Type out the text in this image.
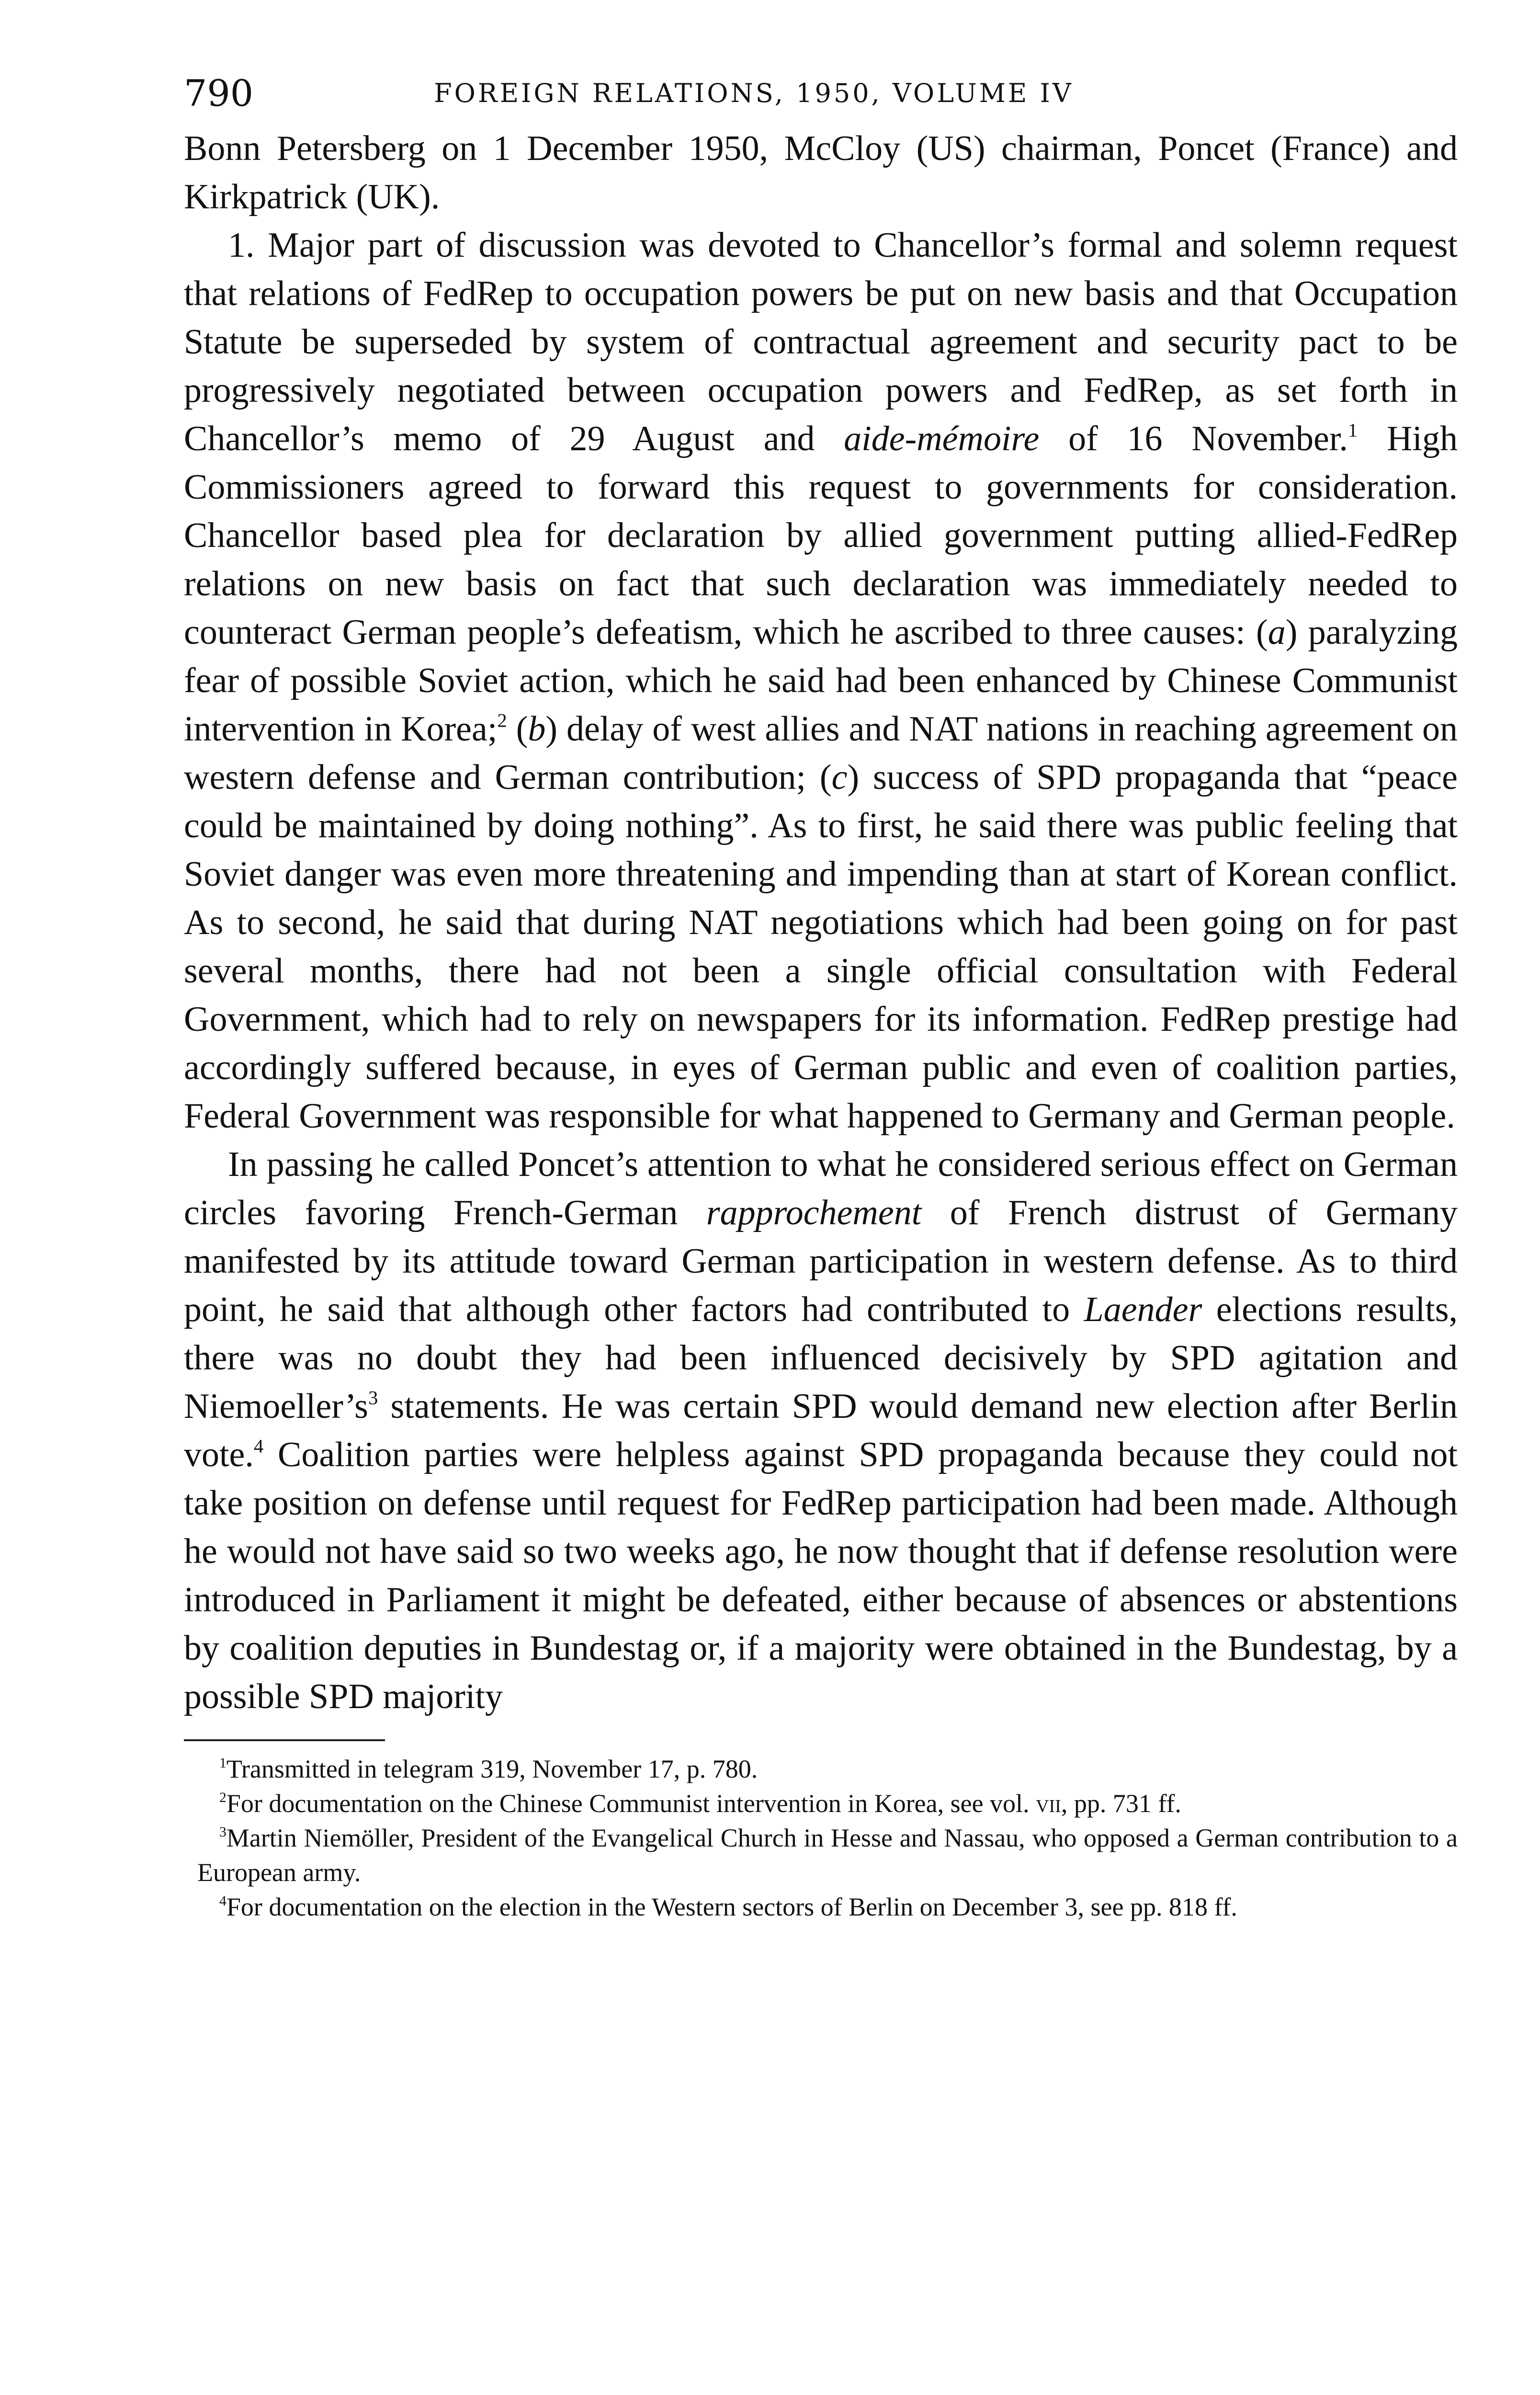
790	FOREIGN RELATIONS, 1950, VOLUME IV

Bonn Petersberg on 1 December 1950, McCloy (US) chairman, Poncet (France) and Kirkpatrick (UK).

1. Major part of discussion was devoted to Chancellor’s formal and solemn request that relations of FedRep to occupation powers be put on new basis and that Occupation Statute be superseded by system of contractual agreement and security pact to be progressively negotiated between occupation powers and FedRep, as set forth in Chancellor’s memo of 29 August and aide-mémoire of 16 November.$^1$ High Commissioners agreed to forward this request to governments for consideration. Chancellor based plea for declaration by allied government putting allied-FedRep relations on new basis on fact that such declaration was immediately needed to counteract German people’s defeatism, which he ascribed to three causes: (a) paralyzing fear of possible Soviet action, which he said had been enhanced by Chinese Communist intervention in Korea;$^2$ (b) delay of west allies and NAT nations in reaching agreement on western defense and German contribution; (c) success of SPD propaganda that “peace could be maintained by doing nothing”. As to first, he said there was public feeling that Soviet danger was even more threatening and impending than at start of Korean conflict. As to second, he said that during NAT negotiations which had been going on for past several months, there had not been a single official consultation with Federal Government, which had to rely on newspapers for its information. FedRep prestige had accordingly suffered because, in eyes of German public and even of coalition parties, Federal Government was responsible for what happened to Germany and German people.

In passing he called Poncet’s attention to what he considered serious effect on German circles favoring French-German rapprochement of French distrust of Germany manifested by its attitude toward German participation in western defense. As to third point, he said that although other factors had contributed to Laender elections results, there was no doubt they had been influenced decisively by SPD agitation and $Niemoeller’s^3$ statements. He was certain SPD would demand new election after Berlin vote.$^4$ Coalition parties were helpless against SPD propaganda because they could not take position on defense until request for FedRep participation had been made. Although he would not have said so two weeks ago, he now thought that if defense resolution were introduced in Parliament it might be defeated, either because of absences or abstentions by coalition deputies in Bundestag or, if a majority were obtained in the Bundestag, by a possible SPD majority

$^1$Transmitted in telegram 319, November 17, p. 780.

$^2$For documentation on the Chinese Communist intervention in Korea, see vol. vii, pp. 731 ff.

$^3$Martin Niemöller, President of the Evangelical Church in Hesse and Nassau, who opposed a German contribution to a European army.

$^4$For documentation on the election in the Western sectors of Berlin on December 3, see pp. 818 ff.
